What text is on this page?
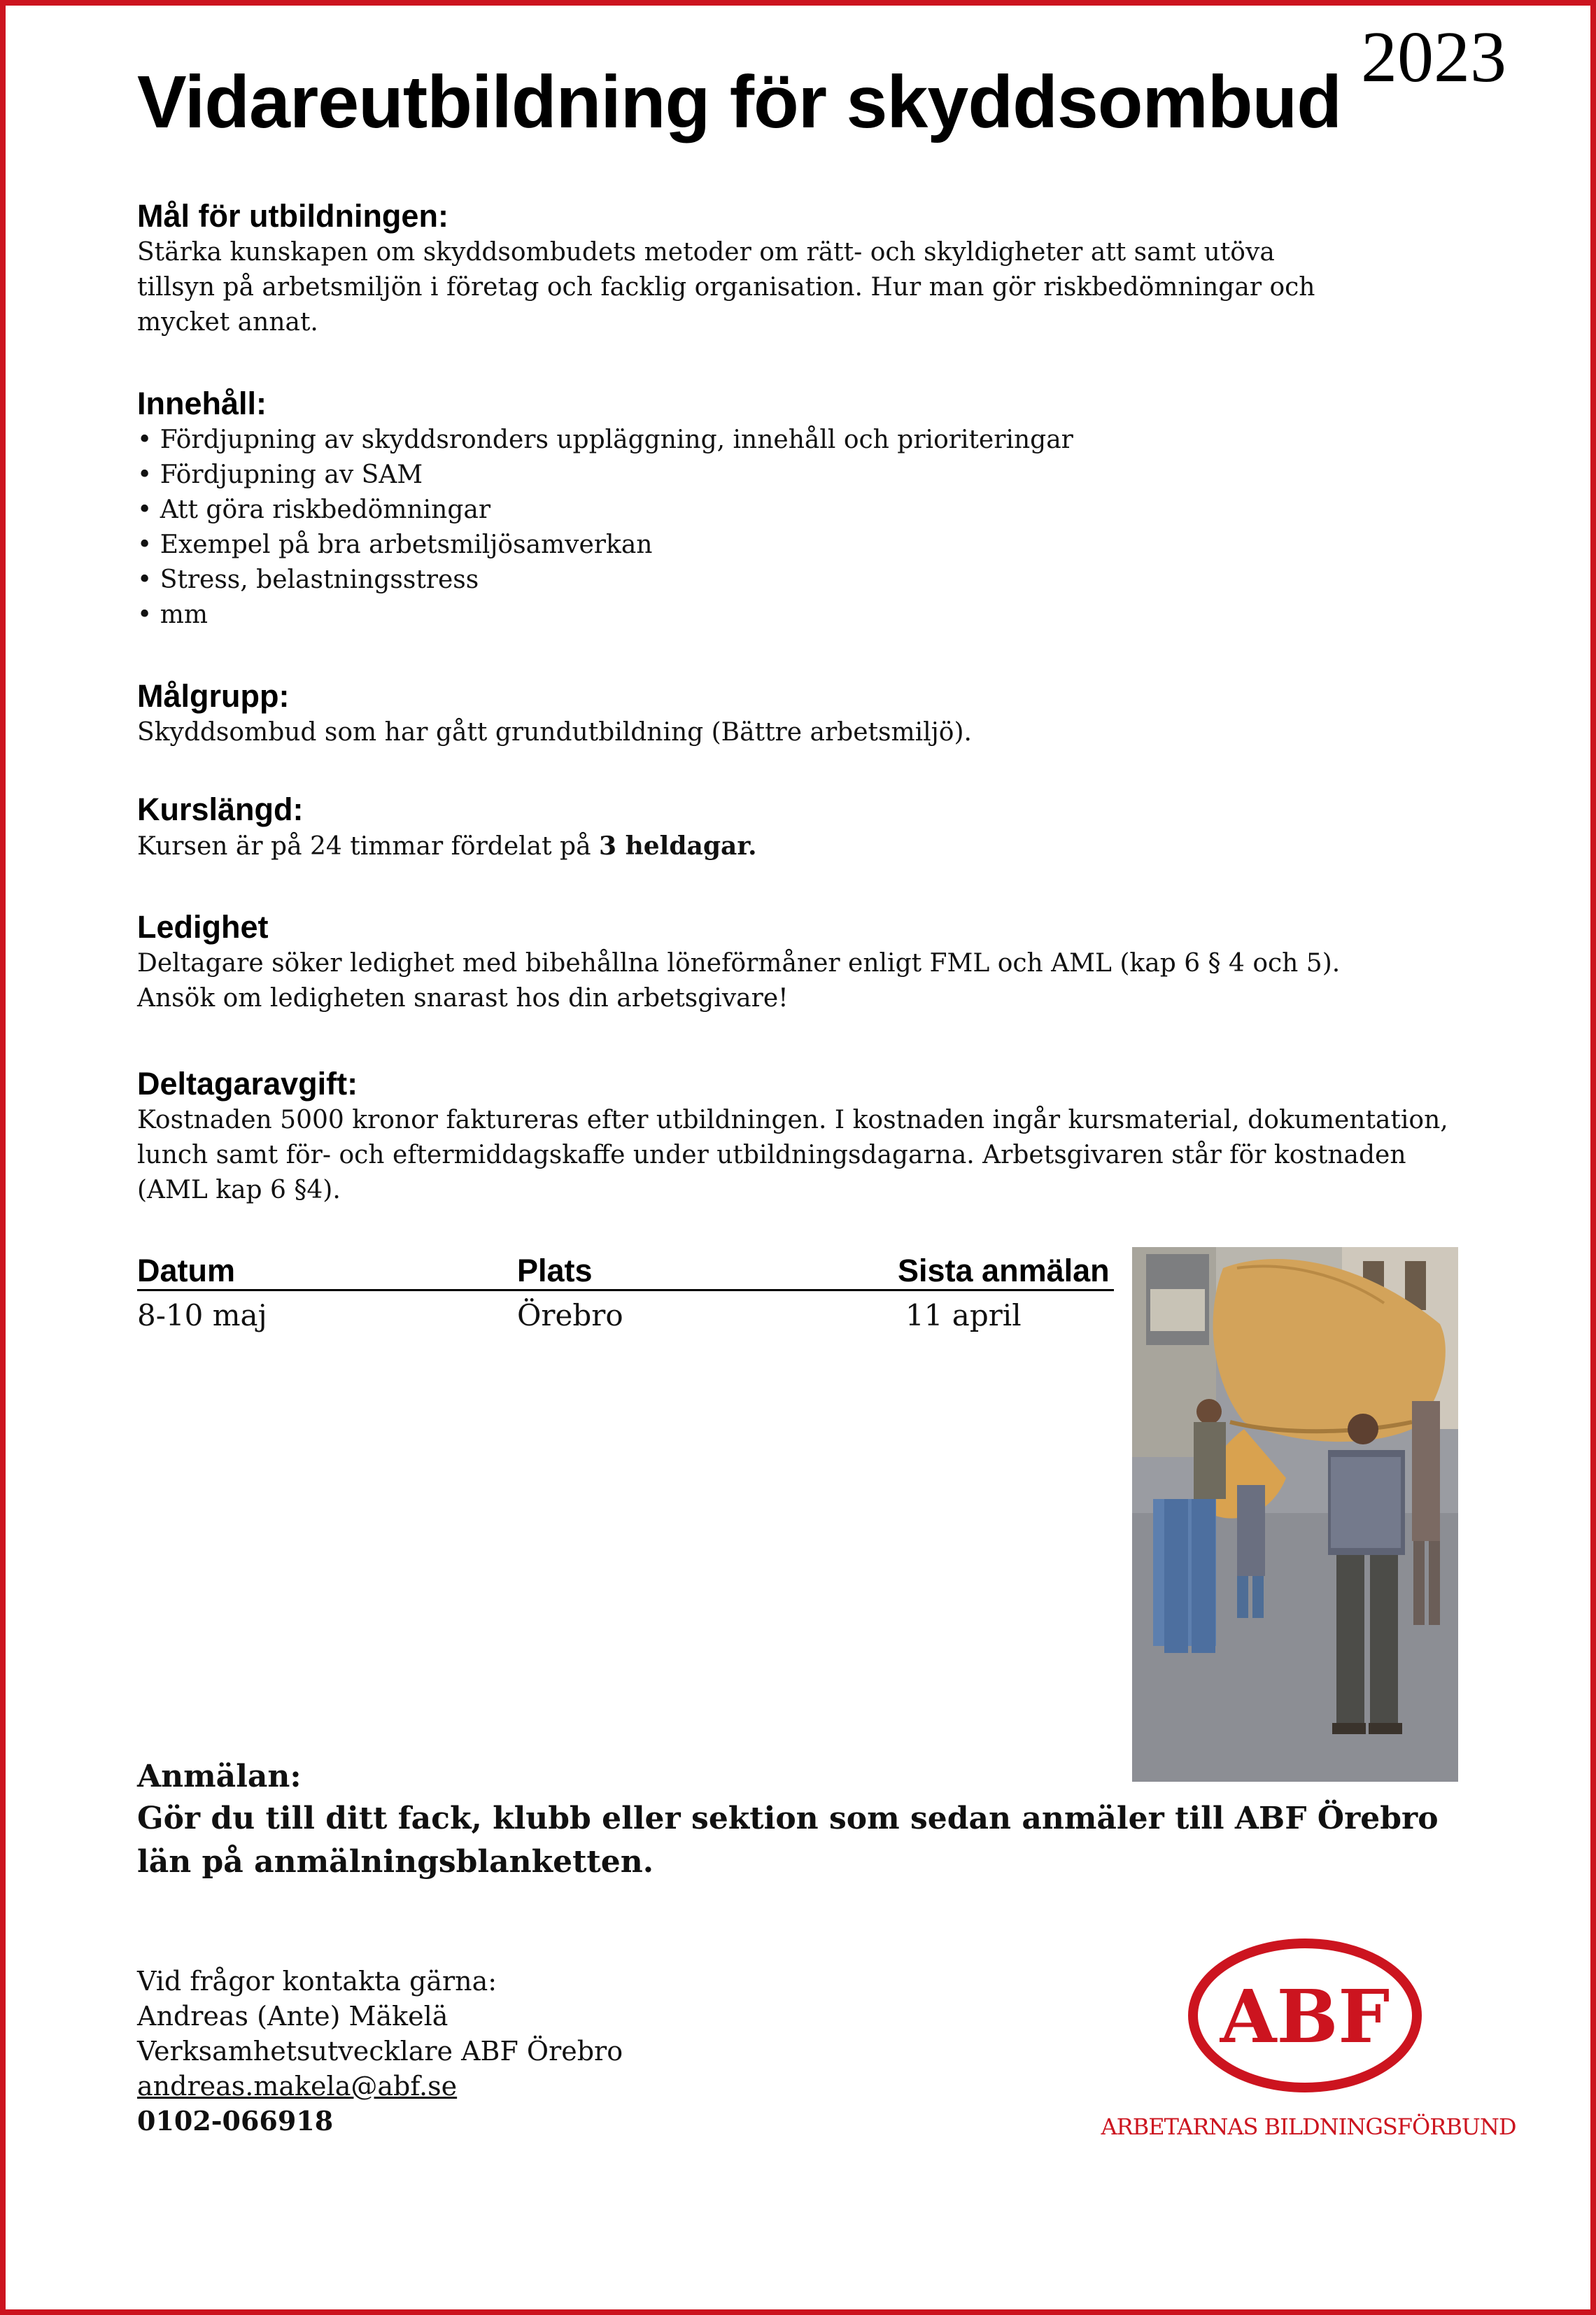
2023
Vidareutbildning för skyddsombud
Mål för utbildningen:

Stärka kunskapen om skyddsombudets metoder om rätt- och skyldigheter att samt utöva tillsyn på arbetsmiljön i företag och facklig organisation. Hur man gör riskbedömningar och mycket annat.

Innehåll:
• Fördjupning av skyddsronders uppläggning, innehåll och prioriteringar
• Fördjupning av SAM
• Att göra riskbedömningar
• Exempel på bra arbetsmiljösamverkan
• Stress, belastningsstress
• mm
Målgrupp:

Skyddsombud som har gått grundutbildning (Bättre arbetsmiljö).

Kurslängd:

Kursen är på 24 timmar fördelat på 3 heldagar.

Ledighet

Deltagare söker ledighet med bibehållna löneförmåner enligt FML och AML (kap 6 § 4 och 5). Ansök om ledigheten snarast hos din arbetsgivare!

Deltagaravgift:

Kostnaden 5000 kronor faktureras efter utbildningen. I kostnaden ingår kursmaterial, dokumentation, lunch samt för- och eftermiddagskaffe under utbildningsdagarna. Arbetsgivaren står för kostnaden (AML kap 6 §4).

Datum	Plats	Sista anmälan
8-10 maj	Örebro	11 april
Anmälan:

Gör du till ditt fack, klubb eller sektion som sedan anmäler till ABF Örebro län på anmälningsblanketten.

Vid frågor kontakta gärna:
Andreas (Ante) Mäkelä
Verksamhetsutvecklare ABF Örebro
andreas.makela@abf.se
0102-066918
ABF
ARBETARNAS BILDNINGSFÖRBUND
